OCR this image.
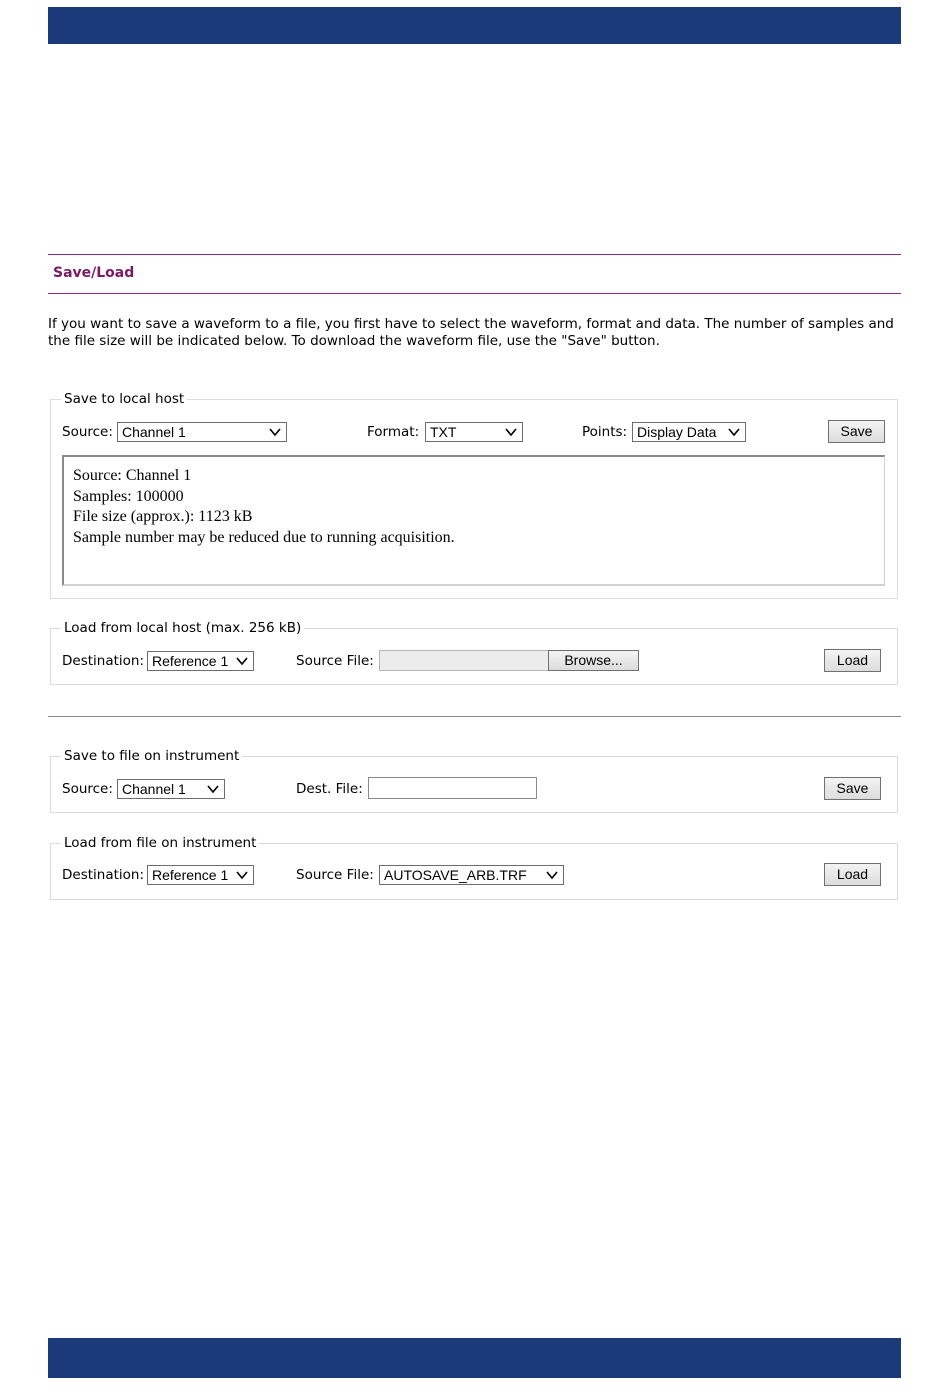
Save/Load
If you want to save a waveform to a file, you first have to select the waveform, format and data. The number of samples and the file size will be indicated below. To download the waveform file, use the "Save" button.
Save to local host
Source: Channel 1	Format: TXT	Points: Display Data	Save
Source: Channel 1
Samples: 100000
File size (approx.): 1123 kB
Sample number may be reduced due to running acquisition.
Load from local host (max. 256 kB)
Destination: Reference 1	Source File:	Browse...	Load
Save to file on instrument
Source: Channel 1	Dest. File:	Save
Load from file on instrument
Destination: Reference 1	Source File: AUTOSAVE_ARB.TRF	Load
